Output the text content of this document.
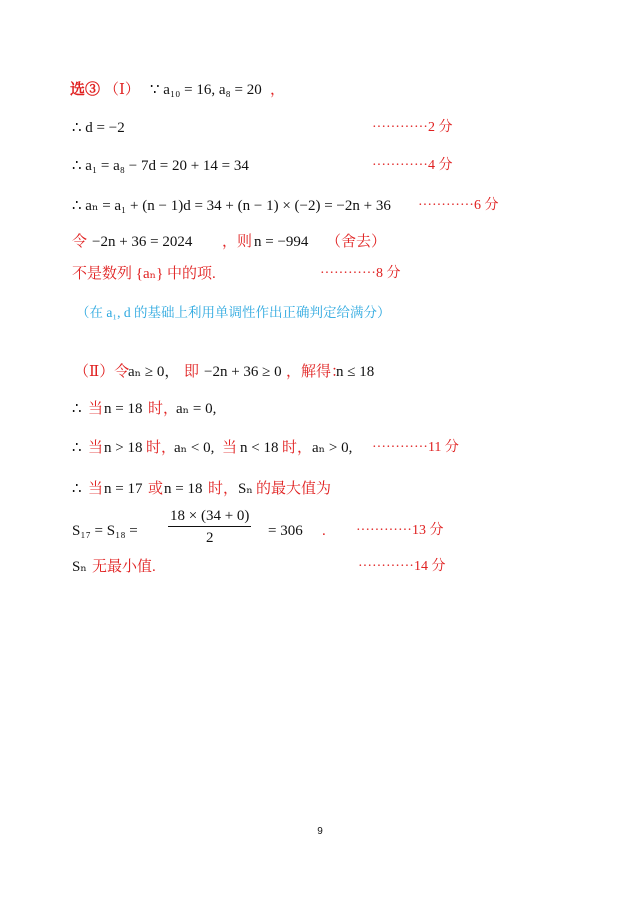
选③ （Ⅰ） ∵ a₁₀ = 16, a₈ = 20 ，
∴ d = −2	············2 分
∴ a₁ = a₈ − 7d = 20 + 14 = 34	············4 分
∴ aₙ = a₁ + (n − 1)d = 34 + (n − 1) × (−2) = −2n + 36 ············6 分
令 −2n + 36 = 2024 ，则 n = −994 （舍去）
不是数列 {aₙ} 中的项.	············8 分
（在 a₁, d 的基础上利用单调性作出正确判定给满分）
（Ⅱ）令
aₙ ≥ 0， 即 −2n + 36 ≥ 0 ，解得：
n ≤ 18
∴ 当 n = 18 时，
aₙ = 0,
∴ 当 n > 18 时，
aₙ < 0, 当 n < 18 时， aₙ > 0, ············11 分
∴ 当 n = 17 或 n = 18 时， Sₙ 的最大值为
$S_{17} = S_{18} = \frac{18 \times (34 + 0)}{2} = 306$ . ············13 分
Sₙ 无最小值.	············14 分
9
